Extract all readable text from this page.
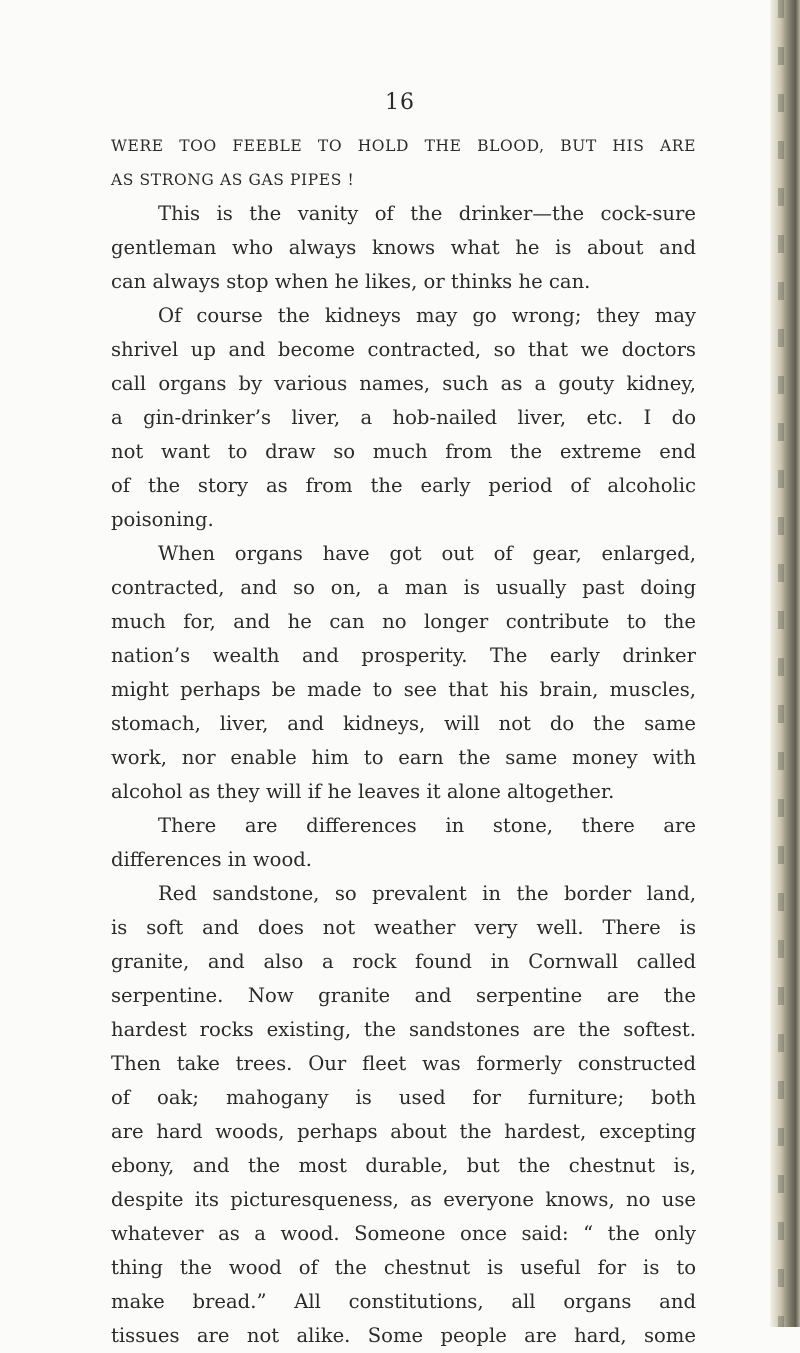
16
WERE TOO FEEBLE TO HOLD THE BLOOD, BUT HIS ARE
AS STRONG AS GAS PIPES !
This is the vanity of the drinker—the cock-sure
gentleman who always knows what he is about and
can always stop when he likes, or thinks he can.
Of course the kidneys may go wrong; they may
shrivel up and become contracted, so that we doctors
call organs by various names, such as a gouty kidney,
a gin-drinker’s liver, a hob-nailed liver, etc. I do
not want to draw so much from the extreme end
of the story as from the early period of alcoholic
poisoning.
When organs have got out of gear, enlarged,
contracted, and so on, a man is usually past doing
much for, and he can no longer contribute to the
nation’s wealth and prosperity. The early drinker
might perhaps be made to see that his brain, muscles,
stomach, liver, and kidneys, will not do the same
work, nor enable him to earn the same money with
alcohol as they will if he leaves it alone altogether.
There are differences in stone, there are
differences in wood.
Red sandstone, so prevalent in the border land,
is soft and does not weather very well. There is
granite, and also a rock found in Cornwall called
serpentine. Now granite and serpentine are the
hardest rocks existing, the sandstones are the softest.
Then take trees. Our fleet was formerly constructed
of oak; mahogany is used for furniture; both
are hard woods, perhaps about the hardest, excepting
ebony, and the most durable, but the chestnut is,
despite its picturesqueness, as everyone knows, no use
whatever as a wood. Someone once said: “ the only
thing the wood of the chestnut is useful for is to
make bread.” All constitutions, all organs and
tissues are not alike. Some people are hard, some
